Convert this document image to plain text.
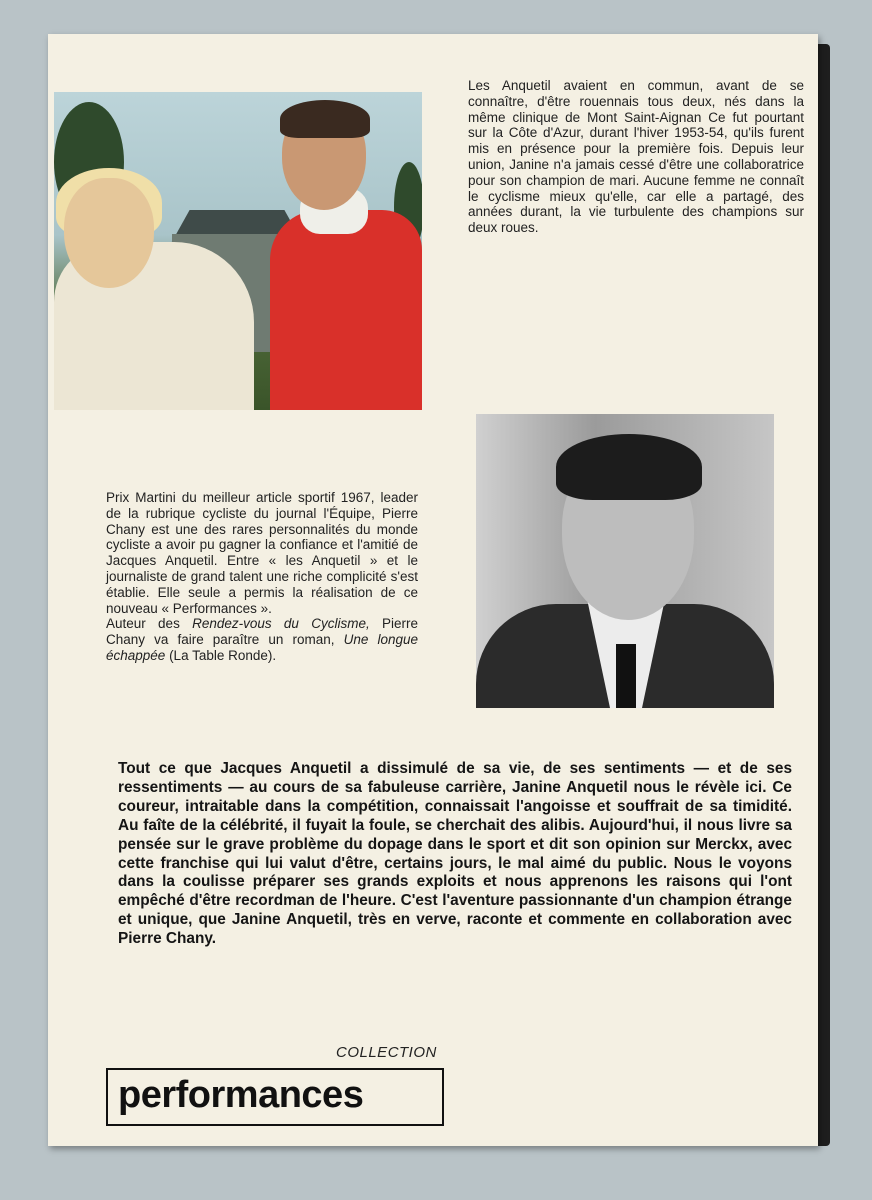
Les Anquetil avaient en commun, avant de se connaître, d'être rouennais tous deux, nés dans la même clinique de Mont Saint-Aignan Ce fut pourtant sur la Côte d'Azur, durant l'hiver 1953-54, qu'ils furent mis en présence pour la première fois. Depuis leur union, Janine n'a jamais cessé d'être une collaboratrice pour son champion de mari. Aucune femme ne connaît le cyclisme mieux qu'elle, car elle a partagé, des années durant, la vie turbulente des champions sur deux roues.

Prix Martini du meilleur article sportif 1967, leader de la rubrique cycliste du journal l'Équipe, Pierre Chany est une des rares personnalités du monde cycliste a avoir pu gagner la confiance et l'amitié de Jacques Anquetil. Entre « les Anquetil » et le journaliste de grand talent une riche complicité s'est établie. Elle seule a permis la réalisation de ce nouveau « Performances ».

Auteur des Rendez-vous du Cyclisme, Pierre Chany va faire paraître un roman, Une longue échappée (La Table Ronde).

Tout ce que Jacques Anquetil a dissimulé de sa vie, de ses sentiments — et de ses ressentiments — au cours de sa fabuleuse carrière, Janine Anquetil nous le révèle ici. Ce coureur, intraitable dans la compétition, connaissait l'angoisse et souffrait de sa timidité. Au faîte de la célébrité, il fuyait la foule, se cherchait des alibis. Aujourd'hui, il nous livre sa pensée sur le grave problème du dopage dans le sport et dit son opinion sur Merckx, avec cette franchise qui lui valut d'être, certains jours, le mal aimé du public. Nous le voyons dans la coulisse préparer ses grands exploits et nous apprenons les raisons qui l'ont empêché d'être recordman de l'heure. C'est l'aventure passionnante d'un champion étrange et unique, que Janine Anquetil, très en verve, raconte et commente en collaboration avec Pierre Chany.
COLLECTION
performances
